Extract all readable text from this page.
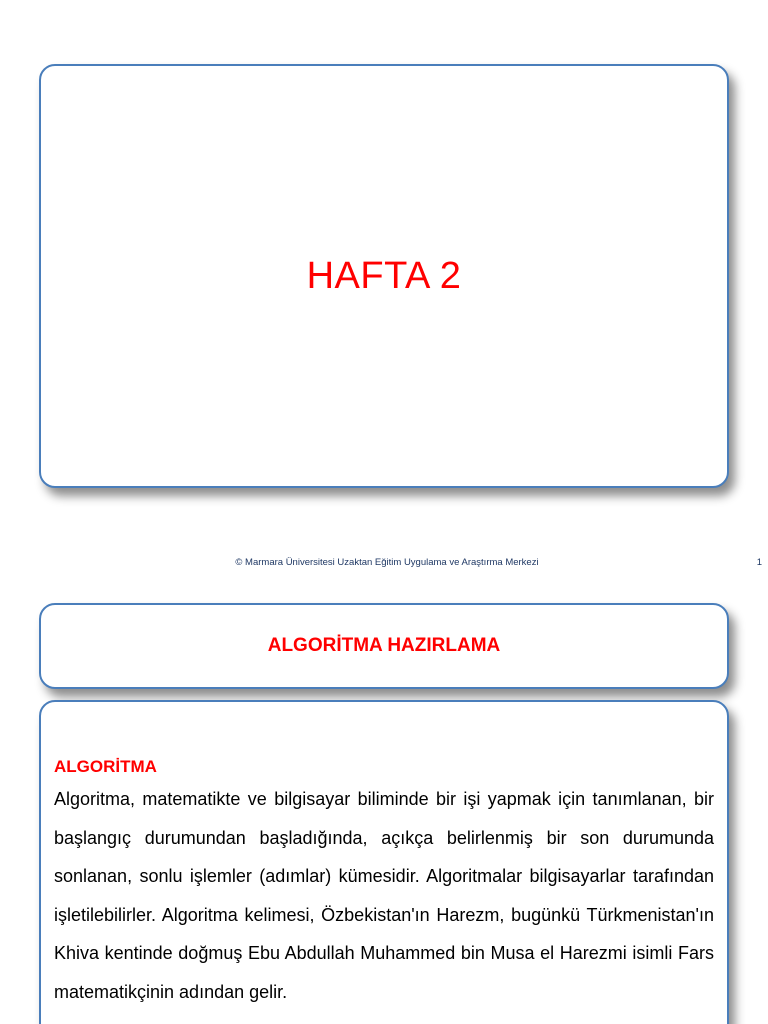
HAFTA 2
© Marmara Üniversitesi Uzaktan Eğitim Uygulama ve Araştırma Merkezi	1
ALGORİTMA HAZIRLAMA
ALGORİTMA

Algoritma, matematikte ve bilgisayar biliminde bir işi yapmak için tanımlanan, bir başlangıç durumundan başladığında, açıkça belirlenmiş bir son durumunda sonlanan, sonlu işlemler (adımlar) kümesidir. Algoritmalar bilgisayarlar tarafından işletilebilirler. Algoritma kelimesi, Özbekistan'ın Harezm, bugünkü Türkmenistan'ın Khiva kentinde doğmuş Ebu Abdullah Muhammed bin Musa el Harezmi isimli Fars matematikçinin adından gelir.
